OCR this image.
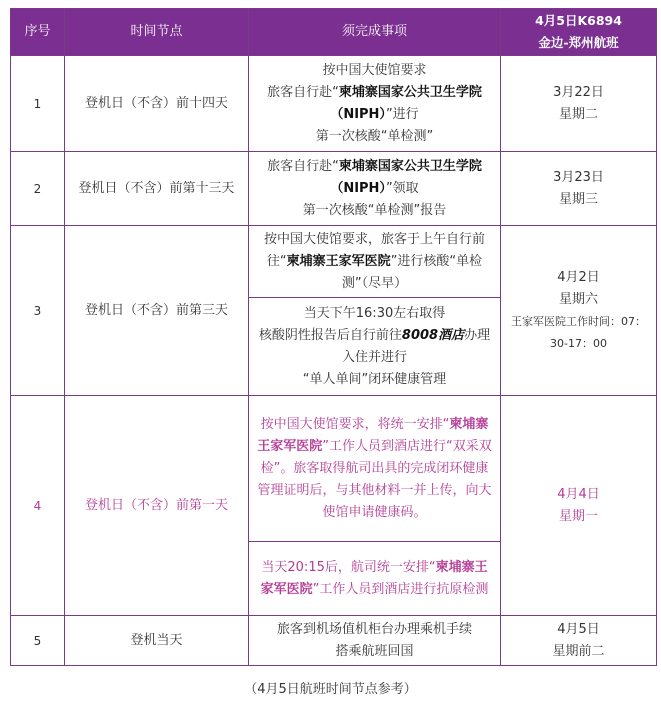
序号	时间节点	须完成事项	4月5日K6894
金边-郑州航班
1	登机日（不含）前十四天	按中国大使馆要求
旅客自行赴“柬埔寨国家公共卫生学院（NIPH）”进行
第一次核酸“单检测”	3月22日
星期二
2	登机日（不含）前第十三天	旅客自行赴“柬埔寨国家公共卫生学院（NIPH）”领取
第一次核酸“单检测”报告	3月23日
星期三
3	登机日（不含）前第三天	按中国大使馆要求，旅客于上午自行前往“柬埔寨王家军医院”进行核酸“单检测”（尽早）	4月2日
星期六
王家军医院工作时间：07：30-17：00
		当天下午16:30左右取得
核酸阴性报告后自行前往8008酒店办理入住并进行
“单人单间”闭环健康管理	
4	登机日（不含）前第一天	按中国大使馆要求，将统一安排“柬埔寨王家军医院”工作人员到酒店进行“双采双检”。旅客取得航司出具的完成闭环健康管理证明后，与其他材料一并上传，向大使馆申请健康码。	4月4日
星期一
		当天20:15后，航司统一安排“柬埔寨王家军医院”工作人员到酒店进行抗原检测	
5	登机当天	旅客到机场值机柜台办理乘机手续
搭乘航班回国	4月5日
星期前二
（4月5日航班时间节点参考）
